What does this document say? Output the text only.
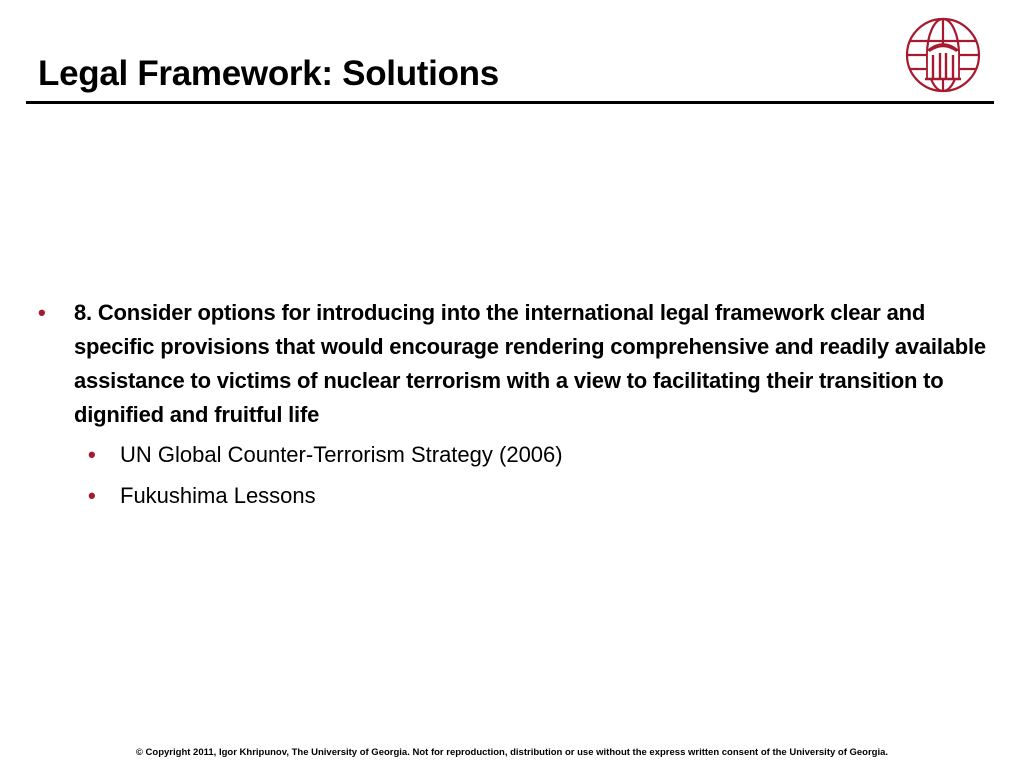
Legal Framework: Solutions
• 8. Consider options for introducing into the international legal framework clear and specific provisions that would encourage rendering comprehensive and readily available assistance to victims of nuclear terrorism with a view to facilitating their transition to dignified and fruitful life
• UN Global Counter-Terrorism Strategy (2006)
• Fukushima Lessons
© Copyright 2011, Igor Khripunov, The University of Georgia. Not for reproduction, distribution or use without the express written consent of the University of Georgia.
